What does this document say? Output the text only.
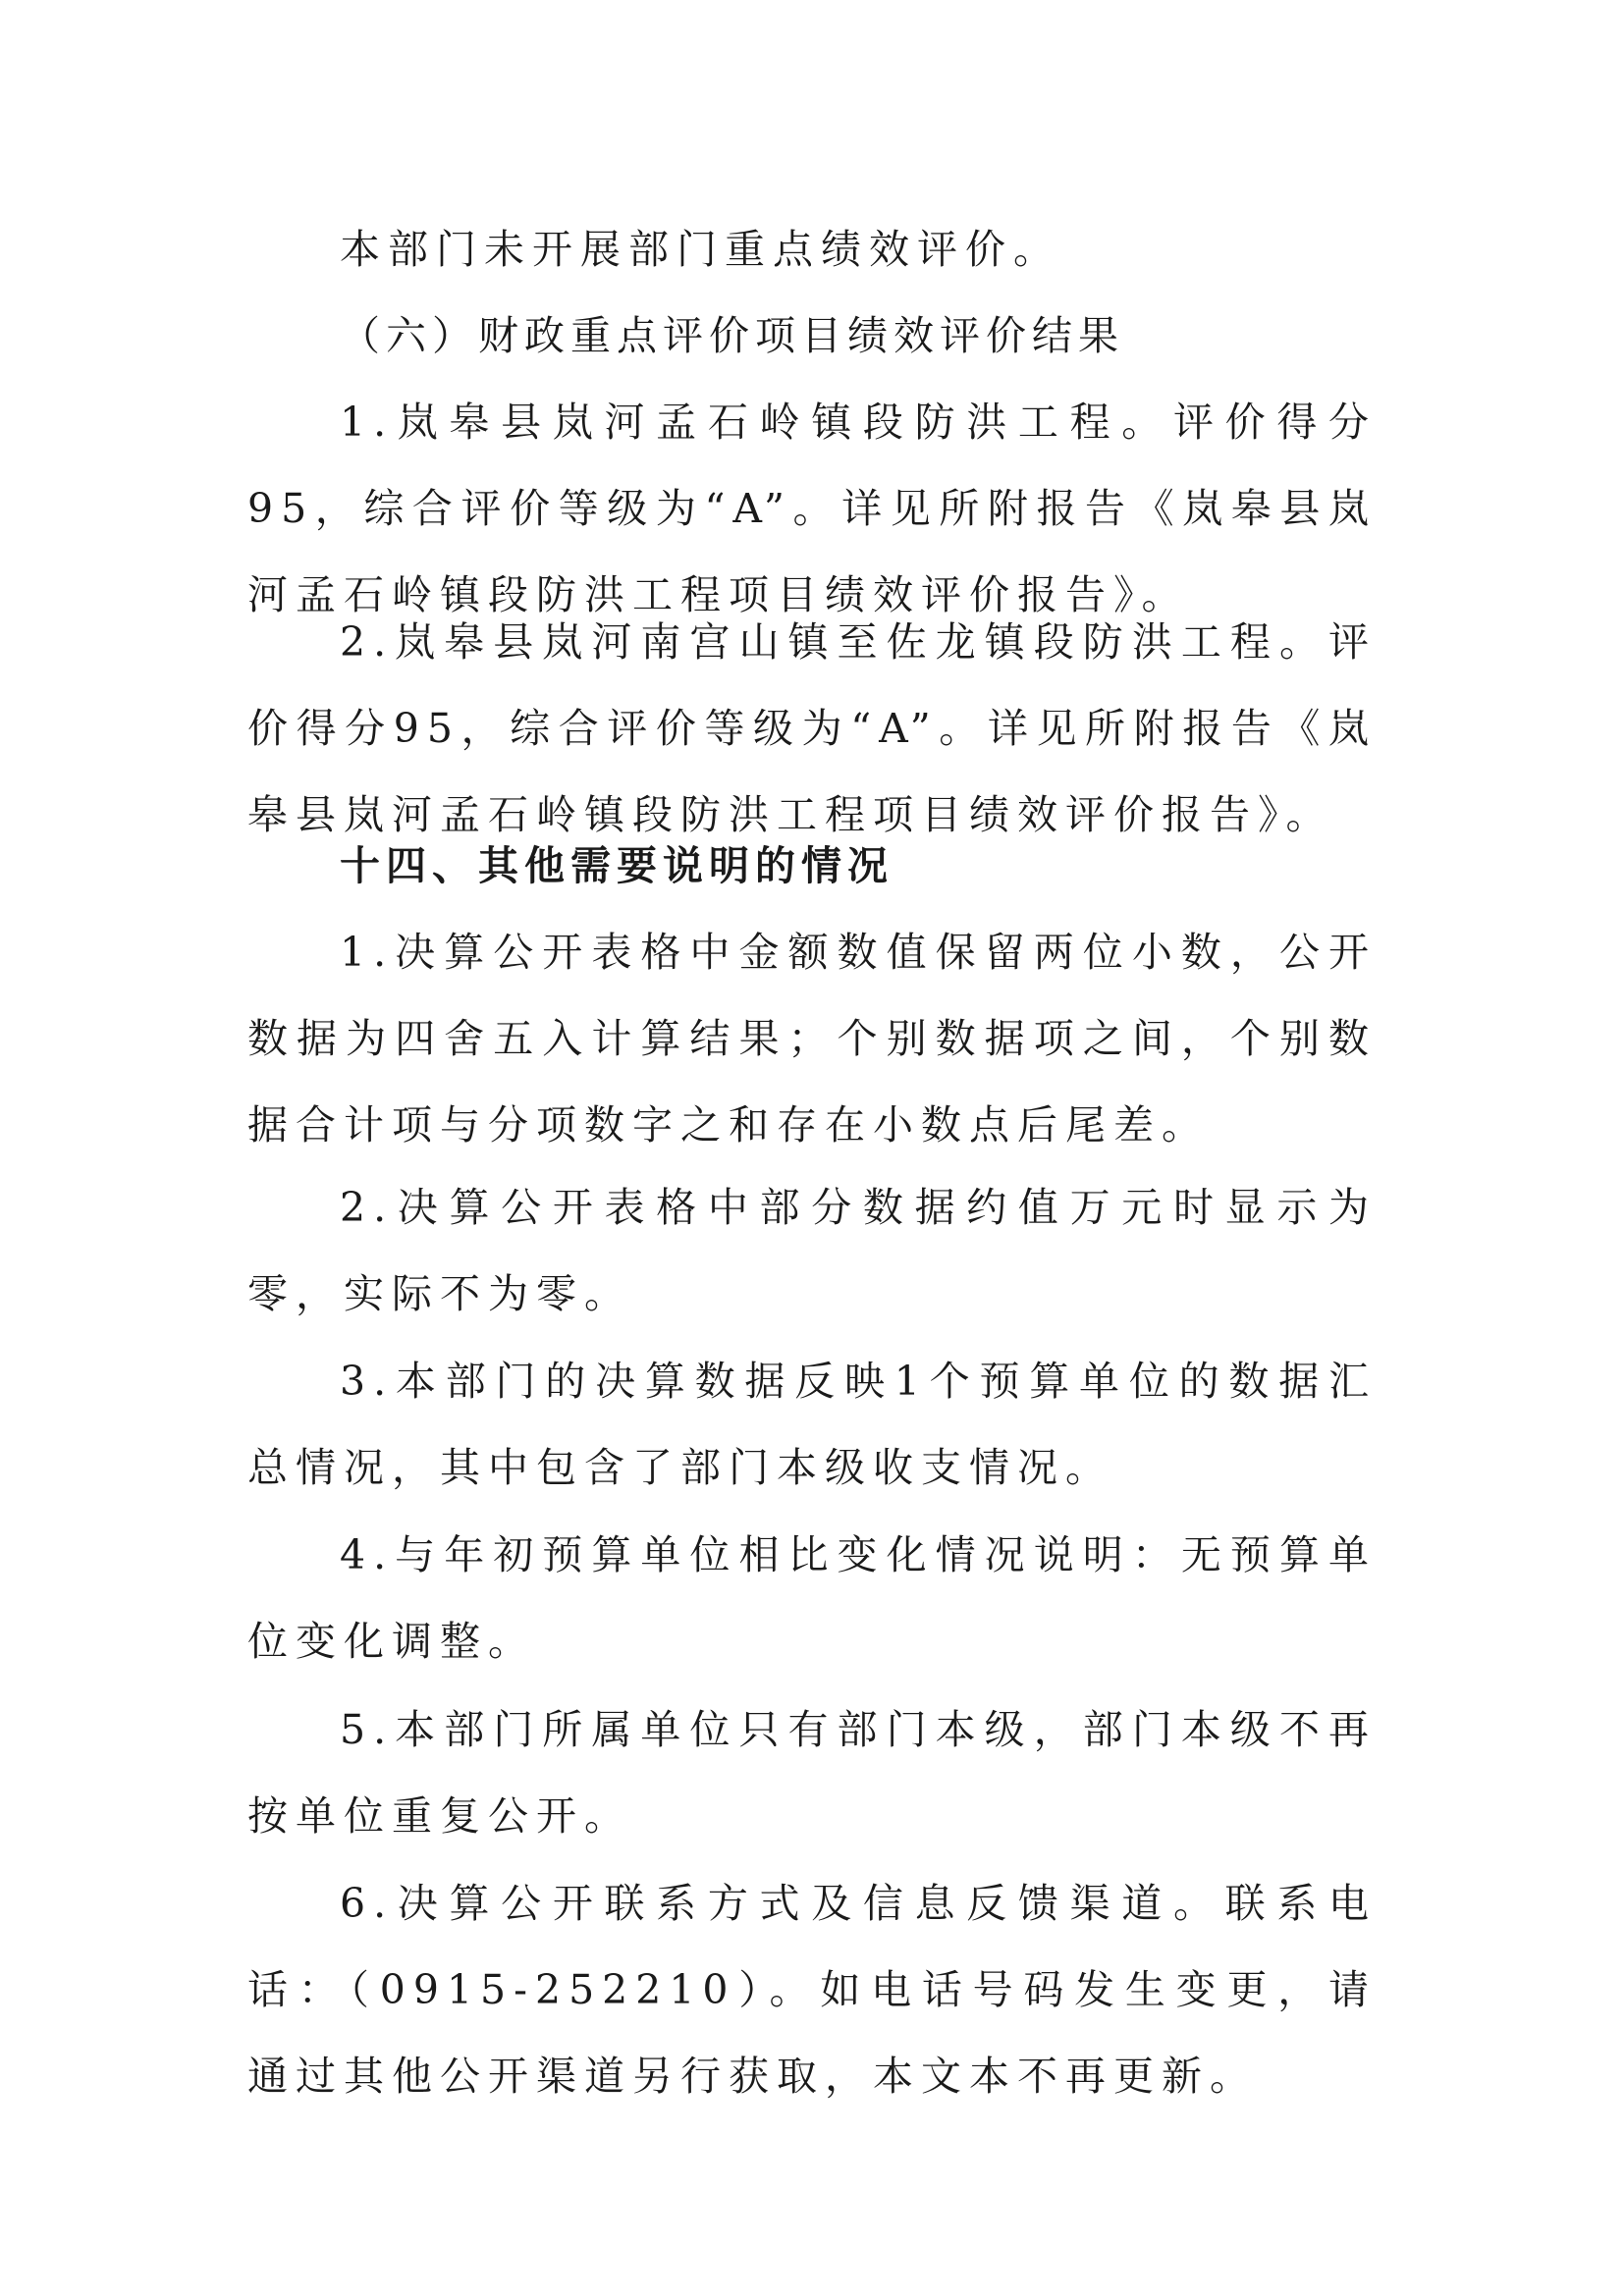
本部门未开展部门重点绩效评价。

（六）财政重点评价项目绩效评价结果

1.岚皋县岚河孟石岭镇段防洪工程。评价得分95，综合评价等级为“A”。详见所附报告《岚皋县岚河孟石岭镇段防洪工程项目绩效评价报告》。

2.岚皋县岚河南宫山镇至佐龙镇段防洪工程。评价得分95，综合评价等级为“A”。详见所附报告《岚皋县岚河孟石岭镇段防洪工程项目绩效评价报告》。

十四、其他需要说明的情况

1.决算公开表格中金额数值保留两位小数，公开数据为四舍五入计算结果；个别数据项之间，个别数据合计项与分项数字之和存在小数点后尾差。

2.决算公开表格中部分数据约值万元时显示为零，实际不为零。

3.本部门的决算数据反映1个预算单位的数据汇总情况，其中包含了部门本级收支情况。

4.与年初预算单位相比变化情况说明：无预算单位变化调整。

5.本部门所属单位只有部门本级，部门本级不再按单位重复公开。

6.决算公开联系方式及信息反馈渠道。联系电话：（0915-252210）。如电话号码发生变更，请通过其他公开渠道另行获取，本文本不再更新。
